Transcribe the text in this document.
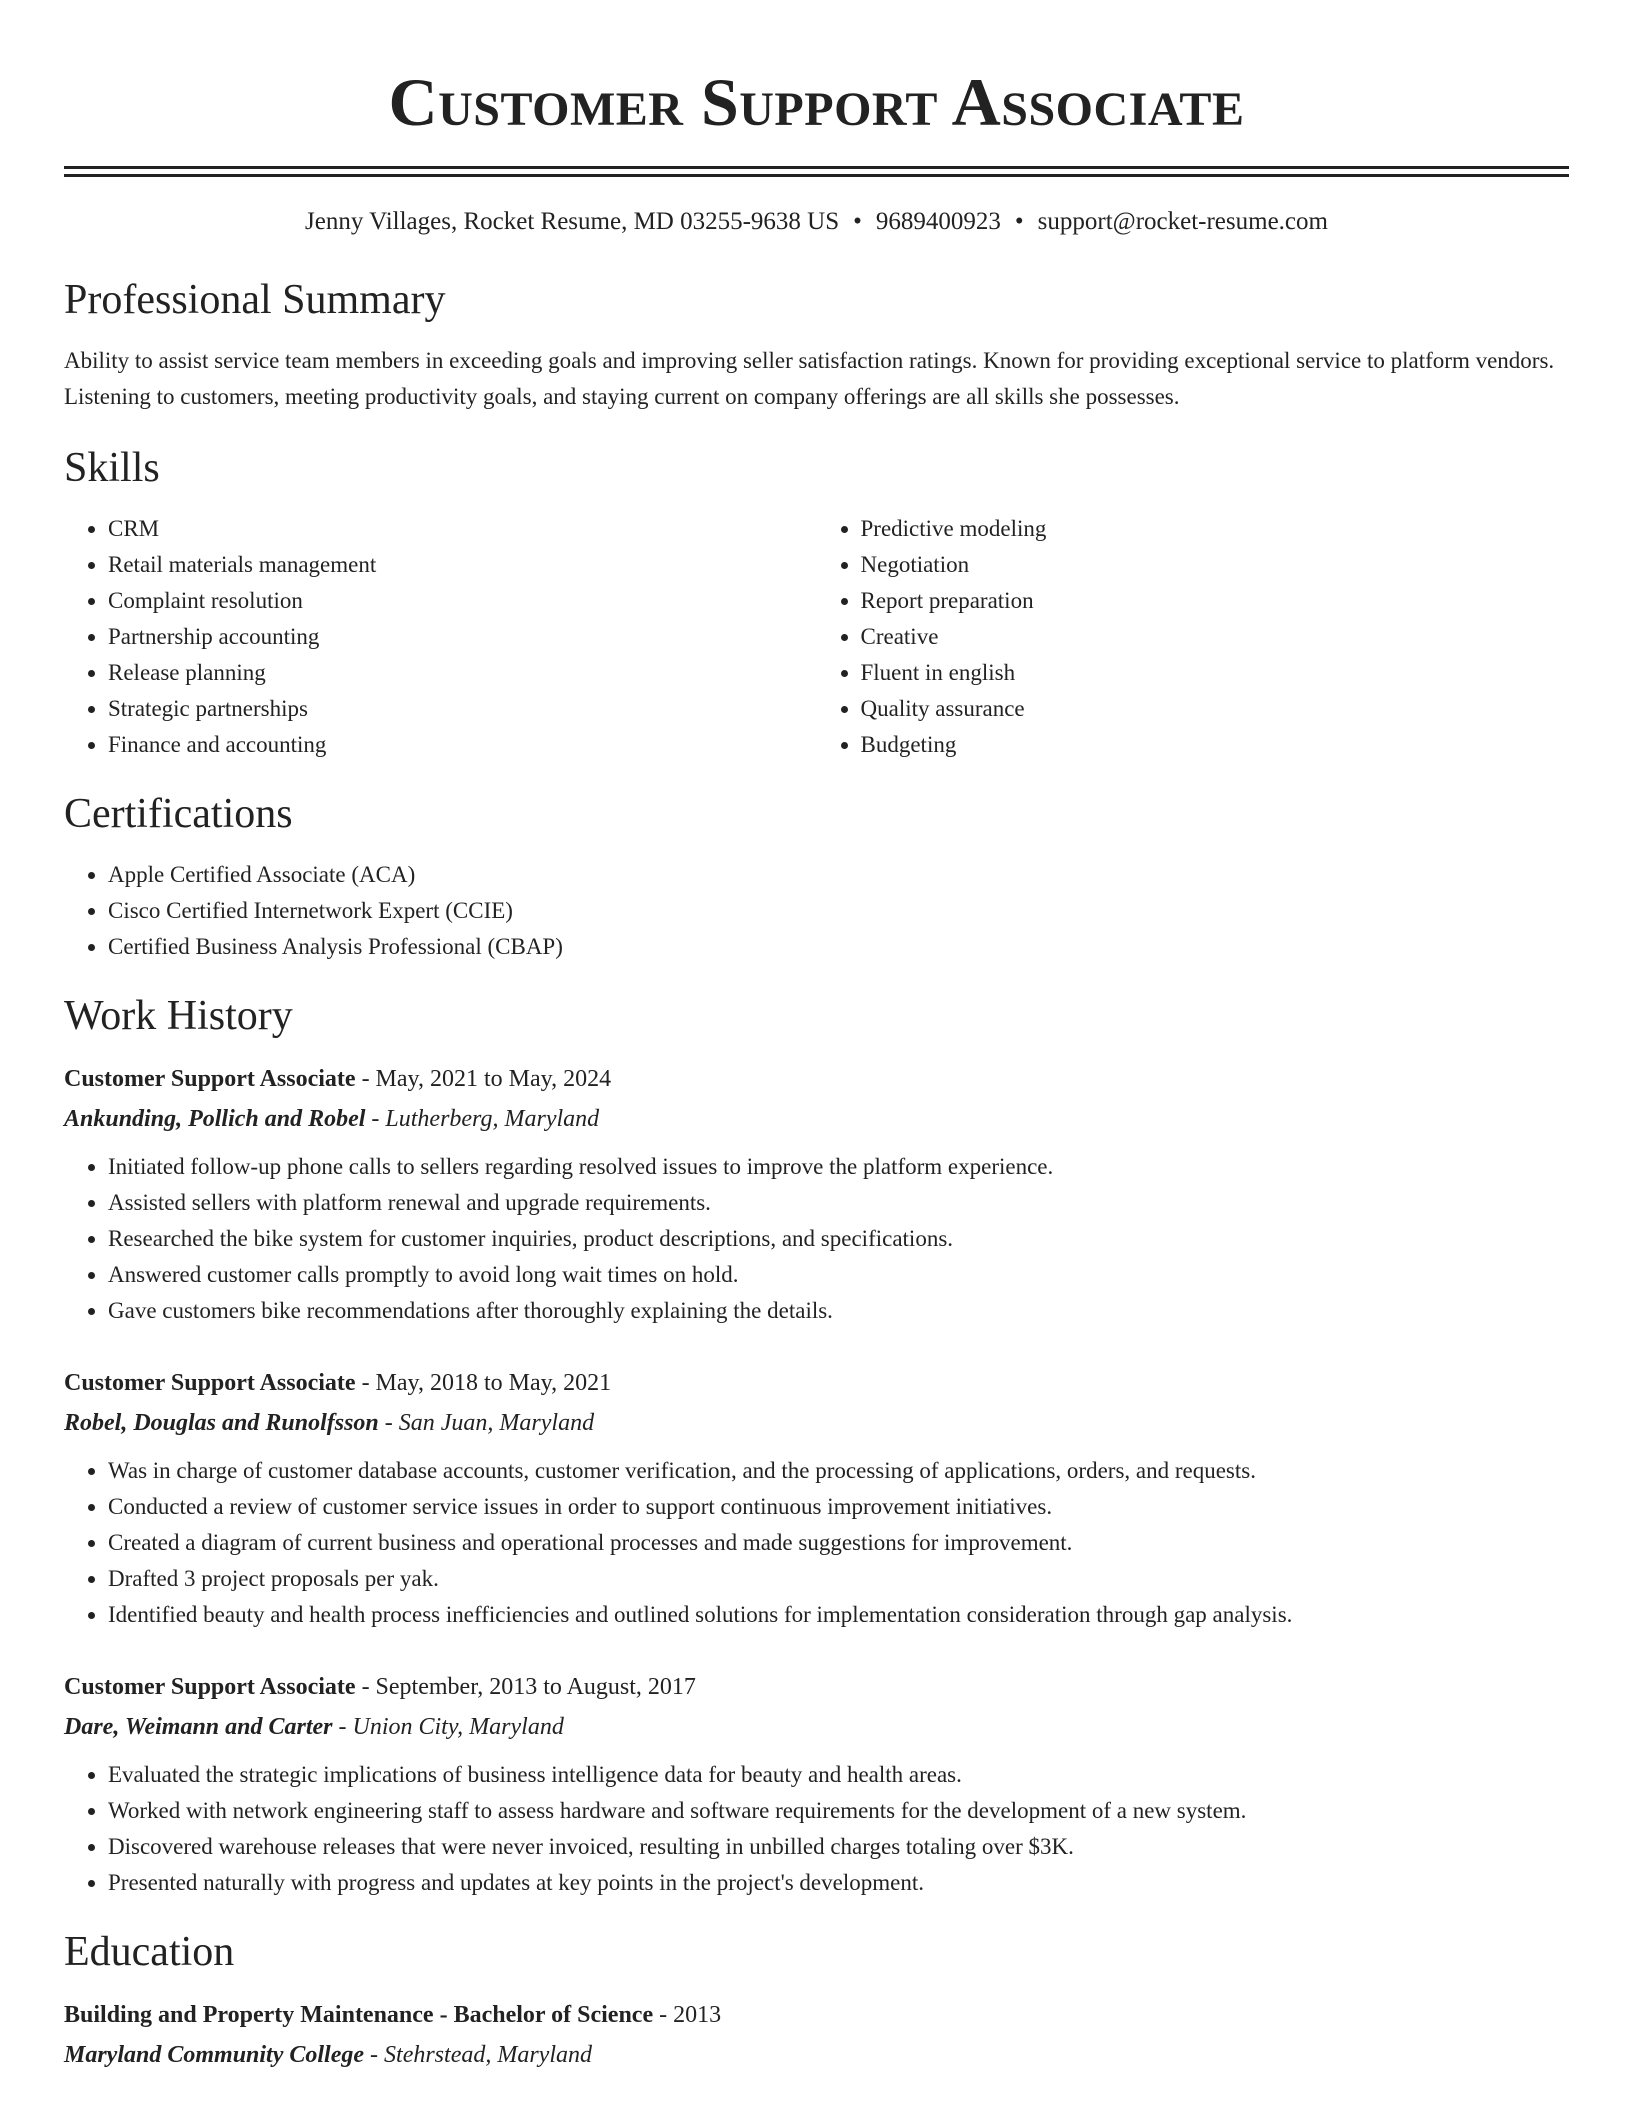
Customer Support Associate
Jenny Villages, Rocket Resume, MD 03255-9638 US • 9689400923 • support@rocket-resume.com
Professional Summary
Ability to assist service team members in exceeding goals and improving seller satisfaction ratings. Known for providing exceptional service to platform vendors. Listening to customers, meeting productivity goals, and staying current on company offerings are all skills she possesses.
Skills
• CRM
• Retail materials management
• Complaint resolution
• Partnership accounting
• Release planning
• Strategic partnerships
• Finance and accounting
• Predictive modeling
• Negotiation
• Report preparation
• Creative
• Fluent in english
• Quality assurance
• Budgeting
Certifications
• Apple Certified Associate (ACA)
• Cisco Certified Internetwork Expert (CCIE)
• Certified Business Analysis Professional (CBAP)
Work History
Customer Support Associate - May, 2021 to May, 2024
Ankunding, Pollich and Robel - Lutherberg, Maryland
• Initiated follow-up phone calls to sellers regarding resolved issues to improve the platform experience.
• Assisted sellers with platform renewal and upgrade requirements.
• Researched the bike system for customer inquiries, product descriptions, and specifications.
• Answered customer calls promptly to avoid long wait times on hold.
• Gave customers bike recommendations after thoroughly explaining the details.
Customer Support Associate - May, 2018 to May, 2021
Robel, Douglas and Runolfsson - San Juan, Maryland
• Was in charge of customer database accounts, customer verification, and the processing of applications, orders, and requests.
• Conducted a review of customer service issues in order to support continuous improvement initiatives.
• Created a diagram of current business and operational processes and made suggestions for improvement.
• Drafted 3 project proposals per yak.
• Identified beauty and health process inefficiencies and outlined solutions for implementation consideration through gap analysis.
Customer Support Associate - September, 2013 to August, 2017
Dare, Weimann and Carter - Union City, Maryland
• Evaluated the strategic implications of business intelligence data for beauty and health areas.
• Worked with network engineering staff to assess hardware and software requirements for the development of a new system.
• Discovered warehouse releases that were never invoiced, resulting in unbilled charges totaling over $3K.
• Presented naturally with progress and updates at key points in the project's development.
Education
Building and Property Maintenance - Bachelor of Science - 2013
Maryland Community College - Stehrstead, Maryland
